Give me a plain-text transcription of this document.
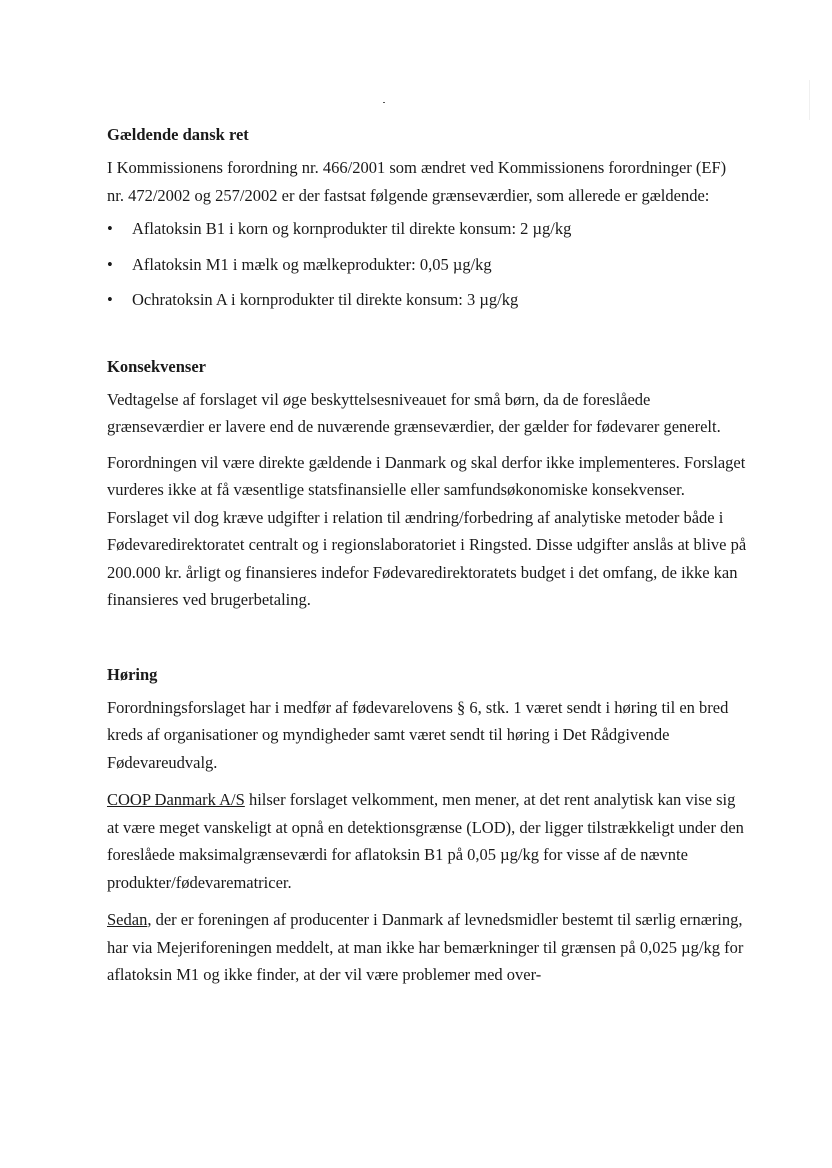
Gældende dansk ret

I Kommissionens forordning nr. 466/2001 som ændret ved Kommissionens forordninger (EF) nr. 472/2002 og 257/2002 er der fastsat følgende grænseværdier, som allerede er gældende:

• Aflatoksin B1 i korn og kornprodukter til direkte konsum: 2 µg/kg
• Aflatoksin M1 i mælk og mælkeprodukter: 0,05 µg/kg
• Ochratoksin A i kornprodukter til direkte konsum: 3 µg/kg
Konsekvenser

Vedtagelse af forslaget vil øge beskyttelsesniveauet for små børn, da de foreslåede grænseværdier er lavere end de nuværende grænseværdier, der gælder for fødevarer generelt.

Forordningen vil være direkte gældende i Danmark og skal derfor ikke implementeres. Forslaget vurderes ikke at få væsentlige statsfinansielle eller samfundsøkonomiske konsekvenser. Forslaget vil dog kræve udgifter i relation til ændring/forbedring af analytiske metoder både i Fødevaredirektoratet centralt og i regionslaboratoriet i Ringsted. Disse udgifter anslås at blive på 200.000 kr. årligt og finansieres indefor Fødevaredirektoratets budget i det omfang, de ikke kan finansieres ved brugerbetaling.

Høring

Forordningsforslaget har i medfør af fødevarelovens § 6, stk. 1 været sendt i høring til en bred kreds af organisationer og myndigheder samt været sendt til høring i Det Rådgivende Fødevareudvalg.

COOP Danmark A/S hilser forslaget velkomment, men mener, at det rent analytisk kan vise sig at være meget vanskeligt at opnå en detektionsgrænse (LOD), der ligger tilstrækkeligt under den foreslåede maksimalgrænseværdi for aflatoksin B1 på 0,05 µg/kg for visse af de nævnte produkter/fødevarematricer.

Sedan, der er foreningen af producenter i Danmark af levnedsmidler bestemt til særlig ernæring, har via Mejeriforeningen meddelt, at man ikke har bemærkninger til grænsen på 0,025 µg/kg for aflatoksin M1 og ikke finder, at der vil være problemer med over-
